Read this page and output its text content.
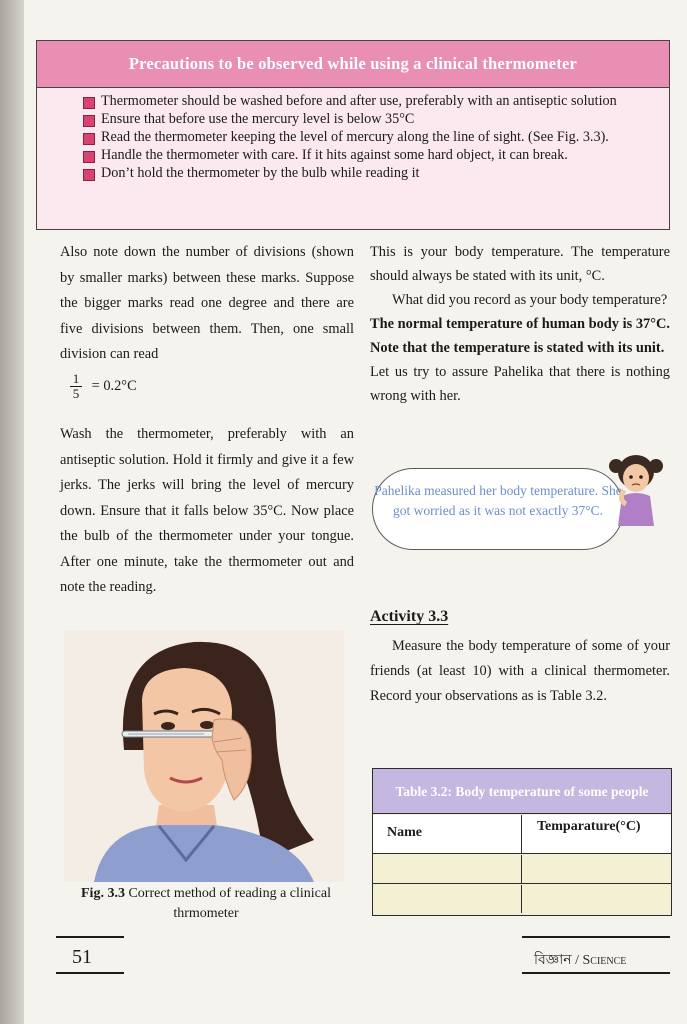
Precautions to be observed while using a clinical thermometer
Thermometer should be washed before and after use, preferably with an antiseptic solution
Ensure that before use the mercury level is below 35°C
Read the thermometer keeping the level of mercury along the line of sight. (See Fig. 3.3).
Handle the thermometer with care. If it hits against some hard object, it can break.
Don’t hold the thermometer by the bulb while reading it

Also note down the number of divisions (shown by smaller marks) between these marks. Suppose the bigger marks read one degree and there are five divisions between them. Then, one small division can read

$\frac{1}{5} = 0.2^\circ C$

Wash the thermometer, preferably with an antiseptic solution. Hold it firmly and give it a few jerks. The jerks will bring the level of mercury down. Ensure that it falls below 35°C. Now place the bulb of the thermometer under your tongue. After one minute, take the thermometer out and note the reading.

This is your body temperature. The temperature should always be stated with its unit, °C.

What did you record as your body temperature?

The normal temperature of human body is 37°C. Note that the temperature is stated with its unit.

Let us try to assure Pahelika that there is nothing wrong with her.

Pahelika measured her body temperature. She got worried as it was not exactly 37°C.
Activity 3.3

Measure the body temperature of some of your friends (at least 10) with a clinical thermometer. Record your observations as is Table 3.2.

Fig. 3.3 Correct method of reading a clinical thrmometer
Table 3.2: Body temperature of some people
Name	Temparature(°C)
51	বিজ্ঞান / Science
